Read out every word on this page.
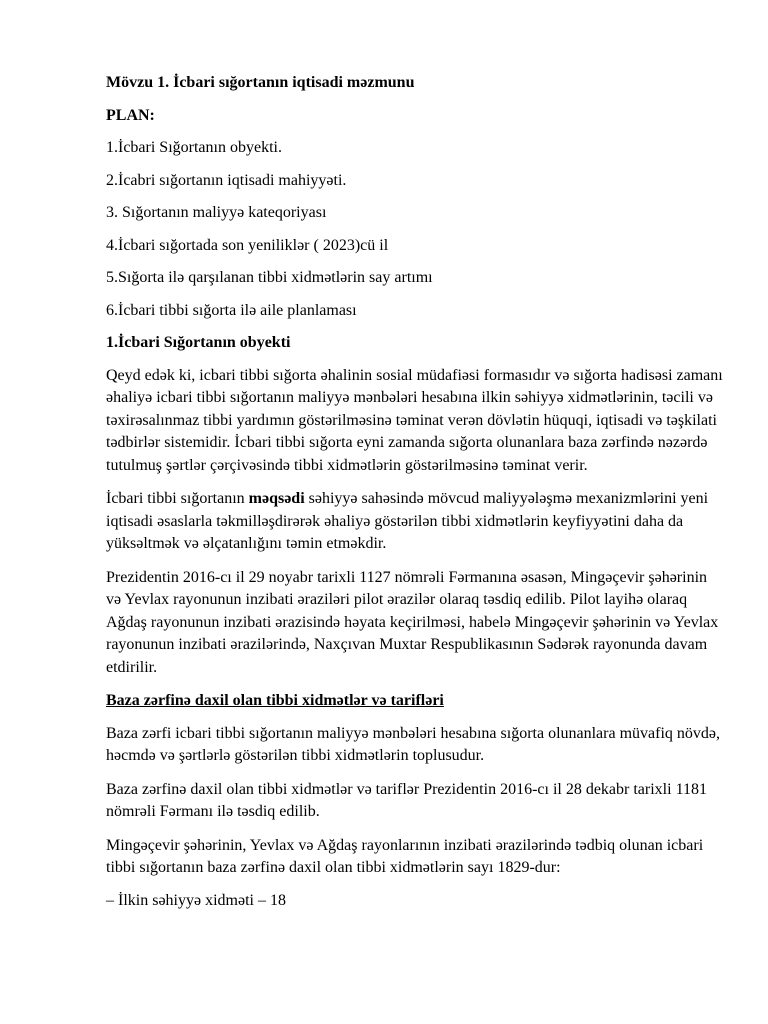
Mövzu 1. İcbari sığortanın iqtisadi məzmunu

PLAN:

1.İcbari Sığortanın obyekti.

2.İcabri sığortanın iqtisadi mahiyyəti.

3. Sığortanın maliyyə kateqoriyası

4.İcbari sığortada son yeniliklər ( 2023)cü il

5.Sığorta ilə qarşılanan tibbi xidmətlərin say artımı

6.İcbari tibbi sığorta ilə aile planlaması

1.İcbari Sığortanın obyekti

Qeyd edək ki, icbari tibbi sığorta əhalinin sosial müdafiəsi formasıdır və sığorta hadisəsi zamanı əhaliyə icbari tibbi sığortanın maliyyə mənbələri hesabına ilkin səhiyyə xidmətlərinin, təcili və təxirəsalınmaz tibbi yardımın göstərilməsinə təminat verən dövlətin hüquqi, iqtisadi və təşkilati tədbirlər sistemidir. İcbari tibbi sığorta eyni zamanda sığorta olunanlara baza zərfində nəzərdə tutulmuş şərtlər çərçivəsində tibbi xidmətlərin göstərilməsinə təminat verir.

İcbari tibbi sığortanın məqsədi səhiyyə sahəsində mövcud maliyyələşmə mexanizmlərini yeni iqtisadi əsaslarla təkmilləşdirərək əhaliyə göstərilən tibbi xidmətlərin keyfiyyətini daha da yüksəltmək və əlçatanlığını təmin etməkdir.

Prezidentin 2016-cı il 29 noyabr tarixli 1127 nömrəli Fərmanına əsasən, Mingəçevir şəhərinin və Yevlax rayonunun inzibati əraziləri pilot ərazilər olaraq təsdiq edilib. Pilot layihə olaraq Ağdaş rayonunun inzibati ərazisində həyata keçirilməsi, habelə Mingəçevir şəhərinin və Yevlax rayonunun inzibati ərazilərində, Naxçıvan Muxtar Respublikasının Sədərək rayonunda davam etdirilir.

Baza zərfinə daxil olan tibbi xidmətlər və tarifləri

Baza zərfi icbari tibbi sığortanın maliyyə mənbələri hesabına sığorta olunanlara müvafiq növdə, həcmdə və şərtlərlə göstərilən tibbi xidmətlərin toplusudur.

Baza zərfinə daxil olan tibbi xidmətlər və tariflər Prezidentin 2016-cı il 28 dekabr tarixli 1181 nömrəli Fərmanı ilə təsdiq edilib.

Mingəçevir şəhərinin, Yevlax və Ağdaş rayonlarının inzibati ərazilərində tədbiq olunan icbari tibbi sığortanın baza zərfinə daxil olan tibbi xidmətlərin sayı 1829-dur:

– İlkin səhiyyə xidməti – 18
